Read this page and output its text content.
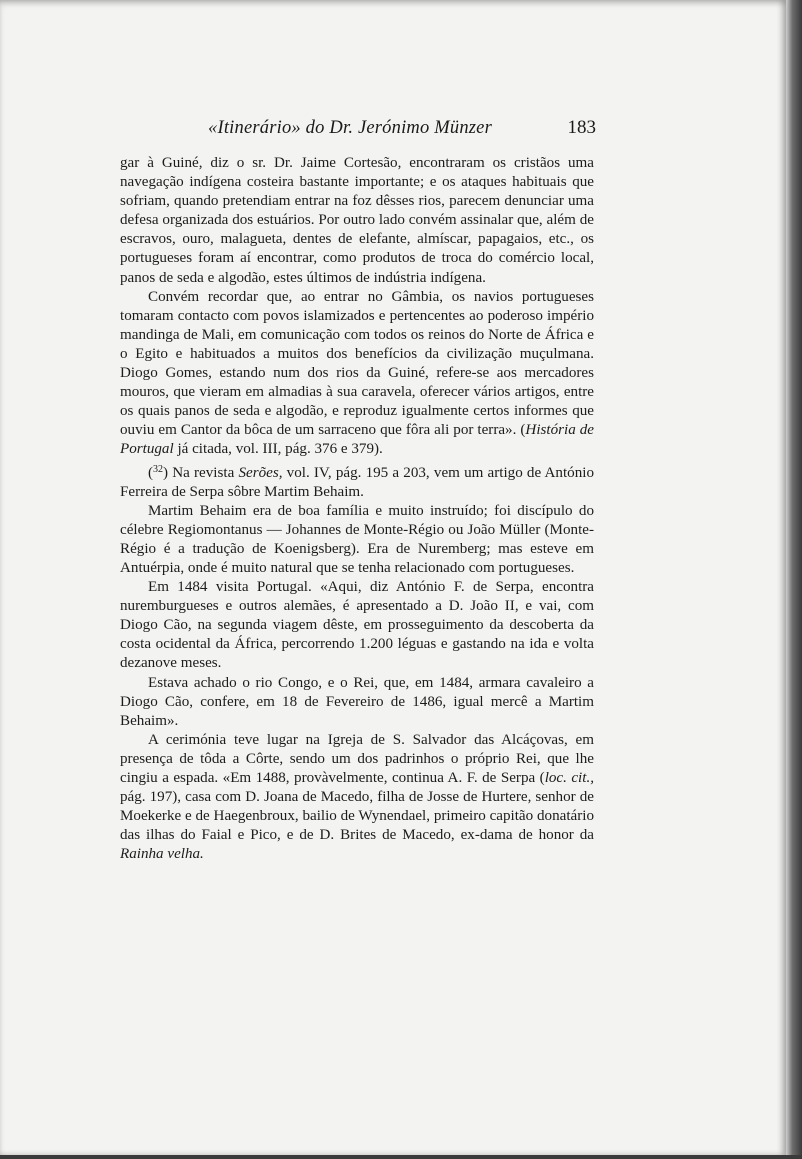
«Itinerário» do Dr. Jerónimo Münzer	183

gar à Guiné, diz o sr. Dr. Jaime Cortesão, encontraram os cristãos uma navegação indígena costeira bastante importante; e os ataques habituais que sofriam, quando pretendiam entrar na foz dêsses rios, parecem denunciar uma defesa organizada dos estuários. Por outro lado convém assinalar que, além de escravos, ouro, malagueta, dentes de elefante, almíscar, papagaios, etc., os portugueses foram aí encontrar, como produtos de troca do comércio local, panos de seda e algodão, estes últimos de indústria indígena.

Convém recordar que, ao entrar no Gâmbia, os navios portugueses tomaram contacto com povos islamizados e pertencentes ao poderoso império mandinga de Mali, em comunicação com todos os reinos do Norte de África e o Egito e habituados a muitos dos benefícios da civilização muçulmana. Diogo Gomes, estando num dos rios da Guiné, refere-se aos mercadores mouros, que vieram em almadias à sua caravela, oferecer vários artigos, entre os quais panos de seda e algodão, e reproduz igualmente certos informes que ouviu em Cantor da bôca de um sarraceno que fôra ali por terra». (História de Portugal já citada, vol. III, pág. 376 e 379).

($^{32}$) Na revista Serões, vol. IV, pág. 195 a 203, vem um artigo de António Ferreira de Serpa sôbre Martim Behaim.

Martim Behaim era de boa família e muito instruído; foi discípulo do célebre Regiomontanus — Johannes de Monte-Régio ou João Müller (Monte-Régio é a tradução de Koenigsberg). Era de Nuremberg; mas esteve em Antuérpia, onde é muito natural que se tenha relacionado com portugueses.

Em 1484 visita Portugal. «Aqui, diz António F. de Serpa, encontra nuremburgueses e outros alemães, é apresentado a D. João II, e vai, com Diogo Cão, na segunda viagem dêste, em prosseguimento da descoberta da costa ocidental da África, percorrendo 1.200 léguas e gastando na ida e volta dezanove meses.

Estava achado o rio Congo, e o Rei, que, em 1484, armara cavaleiro a Diogo Cão, confere, em 18 de Fevereiro de 1486, igual mercê a Martim Behaim».

A cerimónia teve lugar na Igreja de S. Salvador das Alcáçovas, em presença de tôda a Côrte, sendo um dos padrinhos o próprio Rei, que lhe cingiu a espada. «Em 1488, provàvelmente, continua A. F. de Serpa (loc. cit., pág. 197), casa com D. Joana de Macedo, filha de Josse de Hurtere, senhor de Moekerke e de Haegenbroux, bailio de Wynendael, primeiro capitão donatário das ilhas do Faial e Pico, e de D. Brites de Macedo, ex-dama de honor da Rainha velha.
